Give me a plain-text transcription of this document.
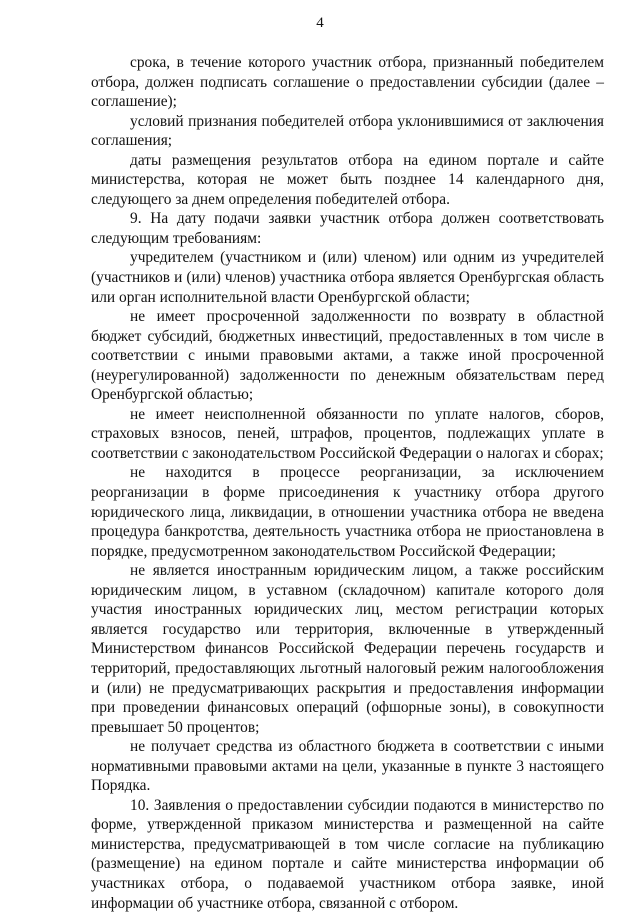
4

срока, в течение которого участник отбора, признанный победителем отбора, должен подписать соглашение о предоставлении субсидии (далее – соглашение);

условий признания победителей отбора уклонившимися от заключения соглашения;

даты размещения результатов отбора на едином портале и сайте министерства, которая не может быть позднее 14 календарного дня, следующего за днем определения победителей отбора.

9. На дату подачи заявки участник отбора должен соответствовать следующим требованиям:

учредителем (участником и (или) членом) или одним из учредителей (участников и (или) членов) участника отбора является Оренбургская область или орган исполнительной власти Оренбургской области;

не имеет просроченной задолженности по возврату в областной бюджет субсидий, бюджетных инвестиций, предоставленных в том числе в соответствии с иными правовыми актами, а также иной просроченной (неурегулированной) задолженности по денежным обязательствам перед Оренбургской областью;

не имеет неисполненной обязанности по уплате налогов, сборов, страховых взносов, пеней, штрафов, процентов, подлежащих уплате в соответствии с законодательством Российской Федерации о налогах и сборах;

не находится в процессе реорганизации, за исключением реорганизации в форме присоединения к участнику отбора другого юридического лица, ликвидации, в отношении участника отбора не введена процедура банкротства, деятельность участника отбора не приостановлена в порядке, предусмотренном законодательством Российской Федерации;

не является иностранным юридическим лицом, а также российским юридическим лицом, в уставном (складочном) капитале которого доля участия иностранных юридических лиц, местом регистрации которых является государство или территория, включенные в утвержденный Министерством финансов Российской Федерации перечень государств и территорий, предоставляющих льготный налоговый режим налогообложения и (или) не предусматривающих раскрытия и предоставления информации при проведении финансовых операций (офшорные зоны), в совокупности превышает 50 процентов;

не получает средства из областного бюджета в соответствии с иными нормативными правовыми актами на цели, указанные в пункте 3 настоящего Порядка.

10. Заявления о предоставлении субсидии подаются в министерство по форме, утвержденной приказом министерства и размещенной на сайте министерства, предусматривающей в том числе согласие на публикацию (размещение) на едином портале и сайте министерства информации об участниках отбора, о подаваемой участником отбора заявке, иной информации об участнике отбора, связанной с отбором.
